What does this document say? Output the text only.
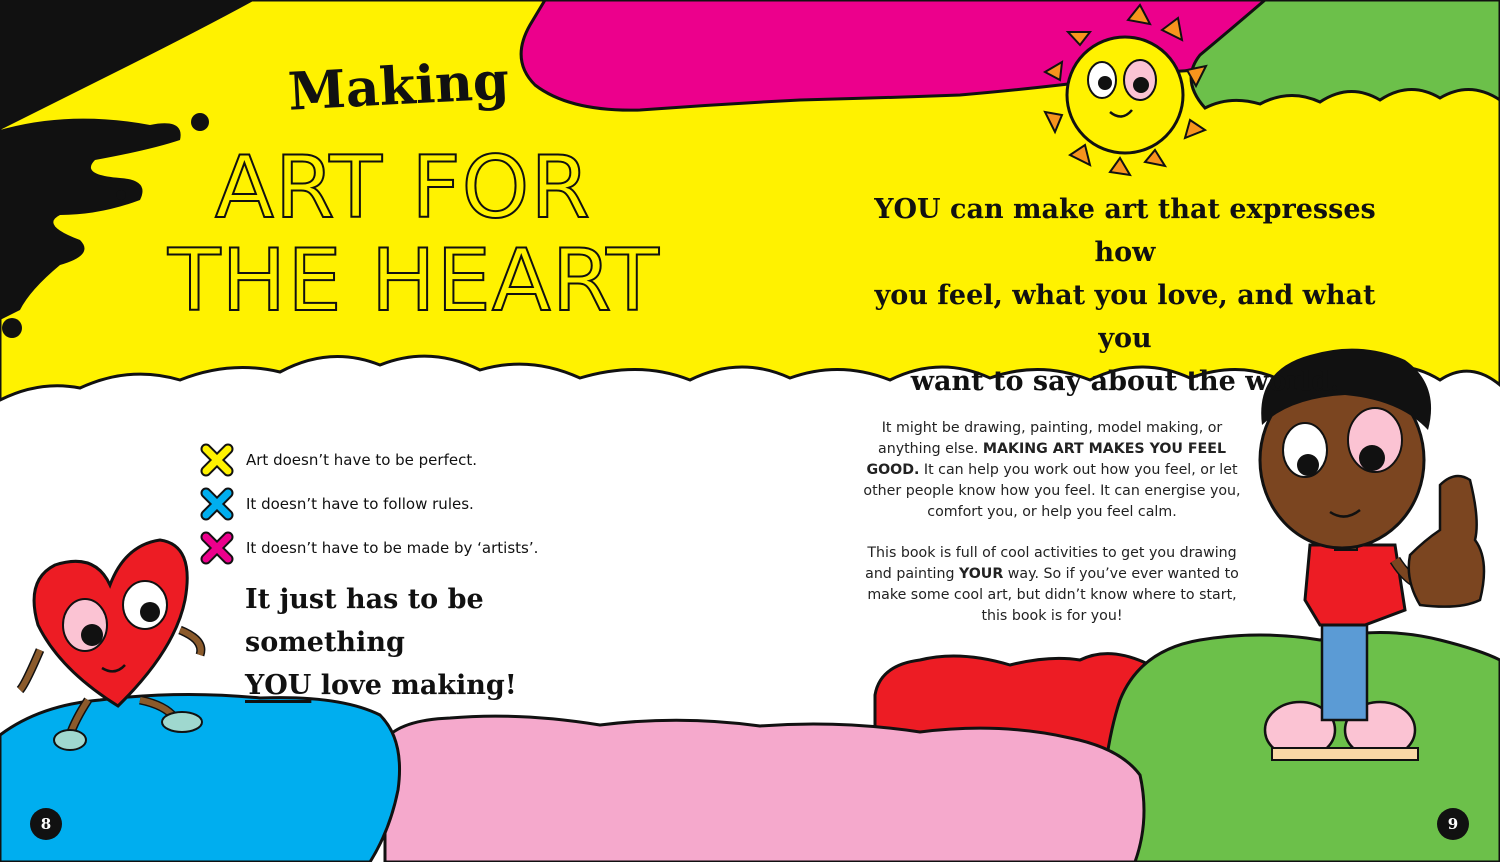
Making

ART FOR

THE HEART

YOU can make art that expresses how
you feel, what you love, and what you
want to say about the world.
Art doesn’t have to be perfect.
It doesn’t have to follow rules.
It doesn’t have to be made by ‘artists’.

It just has to be something
YOU love making!

It might be drawing, painting, model making, or anything else. MAKING ART MAKES YOU FEEL GOOD. It can help you work out how you feel, or let other people know how you feel. It can energise you, comfort you, or help you feel calm.

This book is full of cool activities to get you drawing and painting YOUR way. So if you’ve ever wanted to make some cool art, but didn’t know where to start, this book is for you!

8	9
